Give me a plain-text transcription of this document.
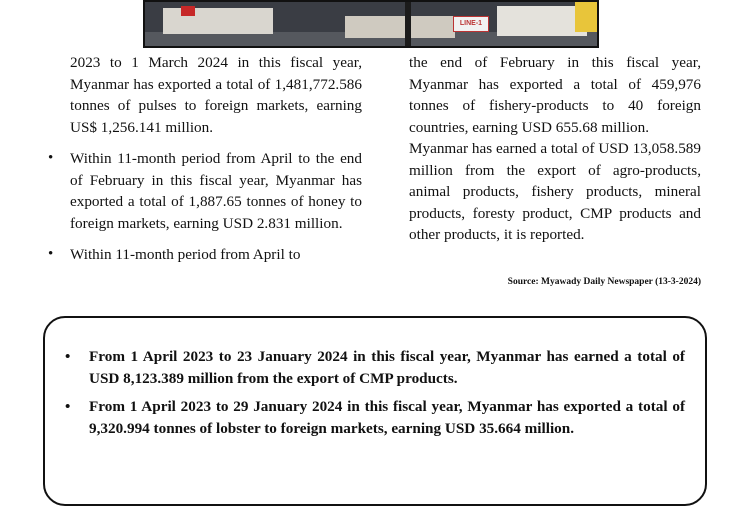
LINE-1

2023 to 1 March 2024 in this fiscal year, Myanmar has exported a total of 1,481,772.586 tonnes of pulses to foreign markets, earning US$ 1,256.141 million.

• Within 11-month period from April to the end of February in this fiscal year, Myanmar has exported a total of 1,887.65 tonnes of honey to foreign markets, earning USD 2.831 million.
• Within 11-month period from April to

the end of February in this fiscal year, Myanmar has exported a total of 459,976 tonnes of fishery-products to 40 foreign countries, earning USD 655.68 million.

Myanmar has earned a total of USD 13,058.589 million from the export of agro-products, animal products, fishery products, mineral products, foresty product, CMP products and other products, it is reported.

Source: Myawady Daily Newspaper (13-3-2024)
• From 1 April 2023 to 23 January 2024 in this fiscal year, Myanmar has earned a total of USD 8,123.389 million from the export of CMP products.
• From 1 April 2023 to 29 January 2024 in this fiscal year, Myanmar has exported a total of 9,320.994 tonnes of lobster to foreign markets, earning USD 35.664 million.
